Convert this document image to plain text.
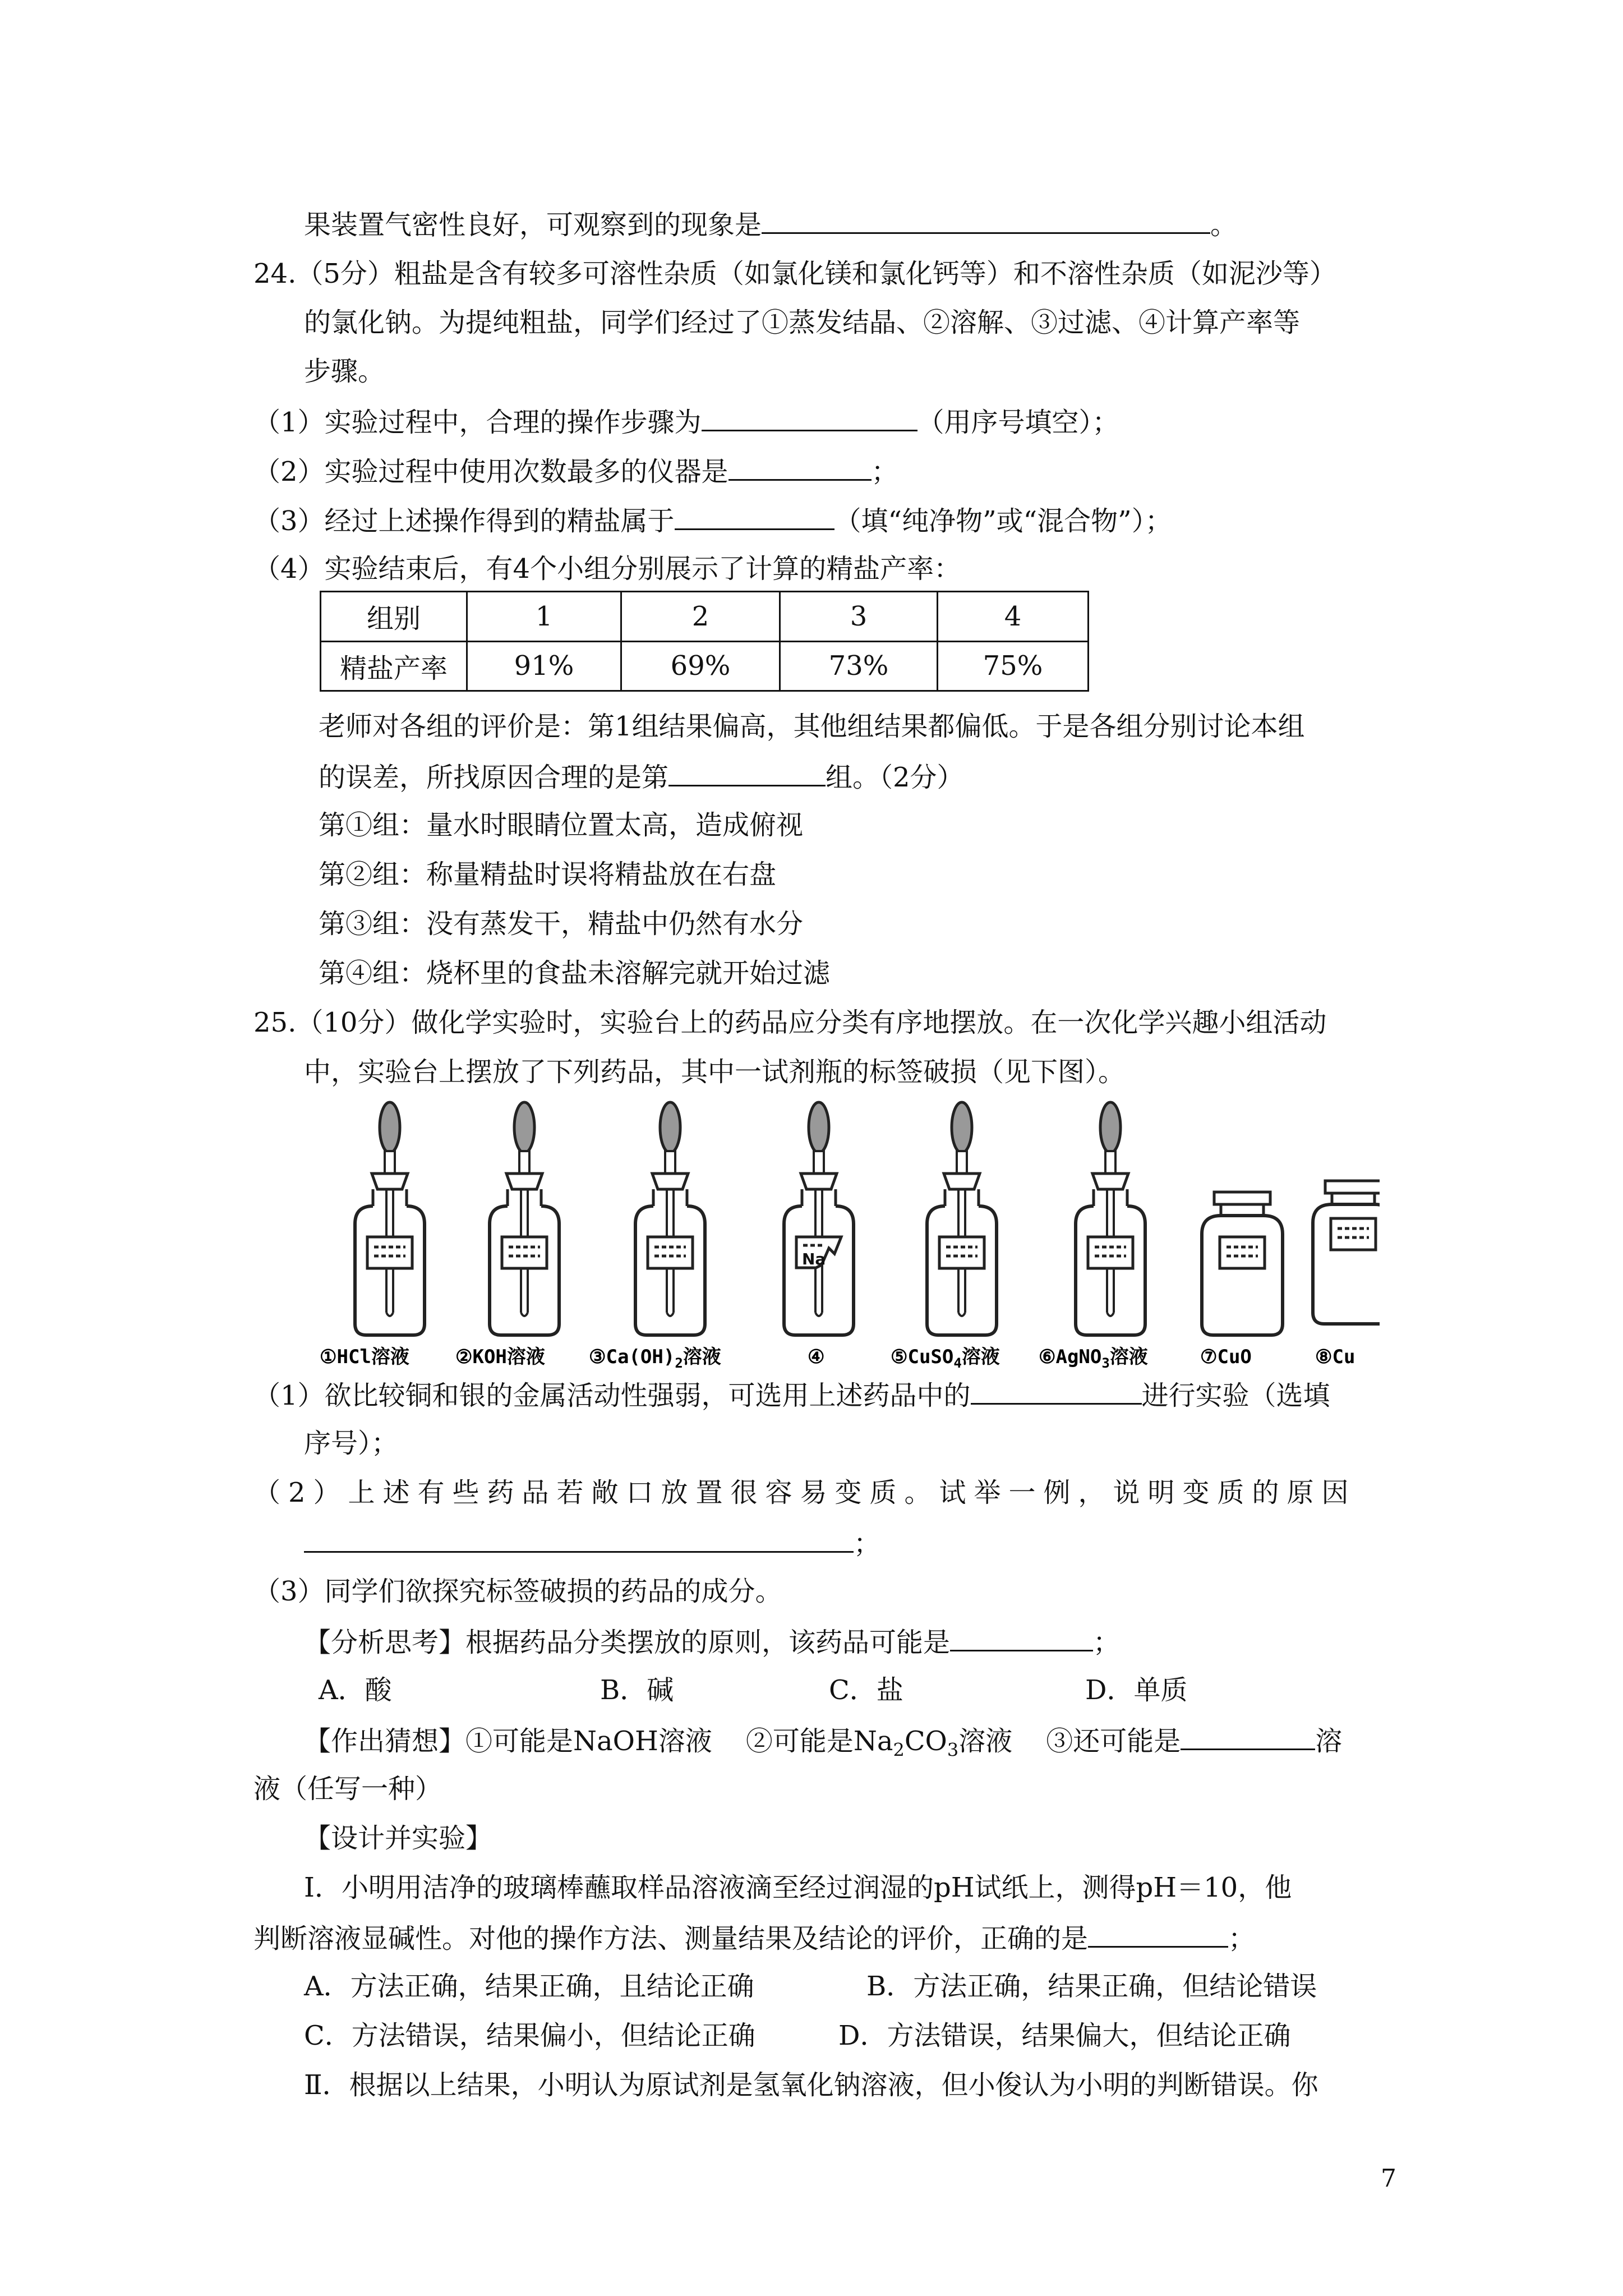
果装置气密性良好，可观察到的现象是	。
24.（5分）粗盐是含有较多可溶性杂质（如氯化镁和氯化钙等）和不溶性杂质（如泥沙等）
的氯化钠。为提纯粗盐，同学们经过了①蒸发结晶、②溶解、③过滤、④计算产率等
步骤。
（1）实验过程中，合理的操作步骤为	（用序号填空）；
（2）实验过程中使用次数最多的仪器是	；
（3）经过上述操作得到的精盐属于	（填“纯净物”或“混合物”）；
（4）实验结束后，有4个小组分别展示了计算的精盐产率：
组别	1	2	3	4
精盐产率	91%	69%	73%	75%
老师对各组的评价是：第1组结果偏高，其他组结果都偏低。于是各组分别讨论本组
的误差，所找原因合理的是第	组。（2分）
第①组：量水时眼睛位置太高，造成俯视
第②组：称量精盐时误将精盐放在右盘
第③组：没有蒸发干，精盐中仍然有水分
第④组：烧杯里的食盐未溶解完就开始过滤
25.（10分）做化学实验时，实验台上的药品应分类有序地摆放。在一次化学兴趣小组活动
中，实验台上摆放了下列药品，其中一试剂瓶的标签破损（见下图）。
Na
①HCl溶液 ②KOH溶液 $③Ca(OH)_2$溶液	④	⑤CuSO$_4$溶液 ⑥AgNO$_3$溶液	⑦CuO	⑧Cu
（1）欲比较铜和银的金属活动性强弱，可选用上述药品中的	进行实验（选填
序号）；
（2）上述有些药品若敞口放置很容易变质。试举一例，说明变质的原因
；
（3）同学们欲探究标签破损的药品的成分。
【分析思考】根据药品分类摆放的原则，该药品可能是	；
A．酸	B．碱	C．盐	D．单质
【作出猜想】①可能是NaOH溶液 ②可能是$Na_2CO_3$溶液 ③还可能是	溶
液（任写一种）
【设计并实验】
Ⅰ．小明用洁净的玻璃棒蘸取样品溶液滴至经过润湿的pH试纸上，测得pH＝10，他
判断溶液显碱性。对他的操作方法、测量结果及结论的评价，正确的是	；
A．方法正确，结果正确，且结论正确	B．方法正确，结果正确，但结论错误
C．方法错误，结果偏小，但结论正确	D．方法错误，结果偏大，但结论正确
Ⅱ．根据以上结果，小明认为原试剂是氢氧化钠溶液，但小俊认为小明的判断错误。你
7
